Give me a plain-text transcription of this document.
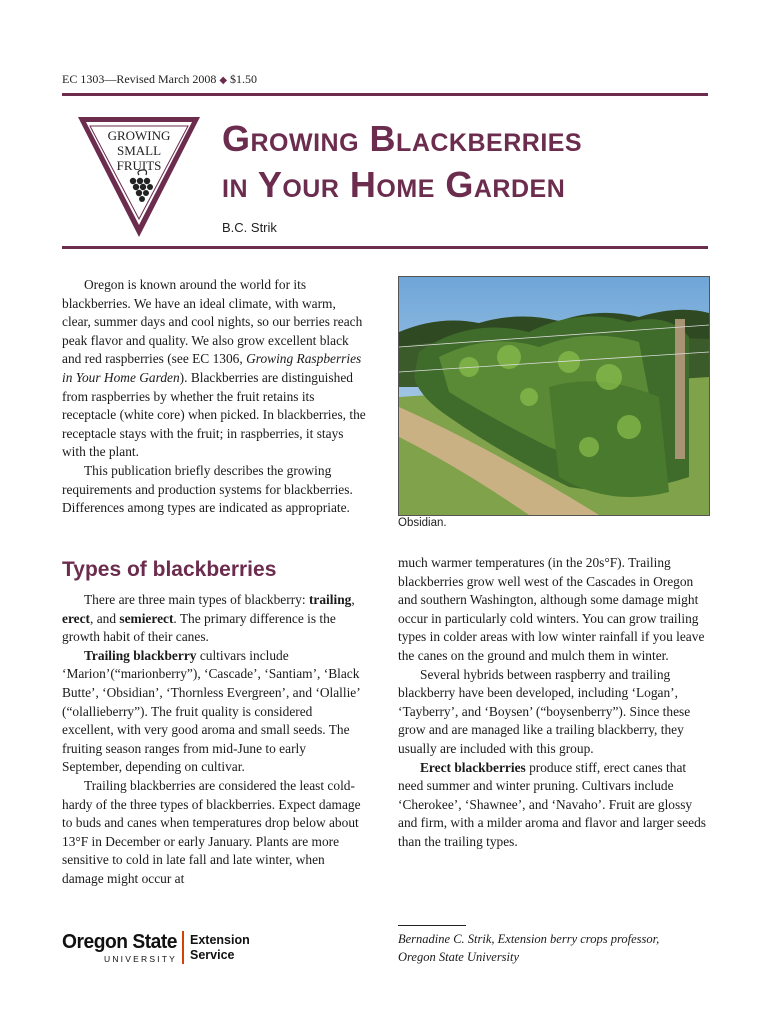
EC 1303—Revised March 2008 ◆ $1.50
GROWING
SMALL
FRUITS
Growing Blackberries
in Your Home Garden
B.C. Strik

Oregon is known around the world for its blackberries. We have an ideal climate, with warm, clear, summer days and cool nights, so our berries reach peak flavor and quality. We also grow excellent black and red raspberries (see EC 1306, Growing Raspberries in Your Home Garden). Blackberries are distinguished from raspberries by whether the fruit retains its receptacle (white core) when picked. In blackberries, the receptacle stays with the fruit; in raspberries, it stays with the plant.

This publication briefly describes the growing requirements and production systems for blackberries. Differences among types are indicated as appropriate.

Obsidian.
Types of blackberries

There are three main types of blackberry: trailing, erect, and semierect. The primary difference is the growth habit of their canes.

Trailing blackberry cultivars include ‘Marion’(“marionberry”), ‘Cascade’, ‘Santiam’, ‘Black Butte’, ‘Obsidian’, ‘Thornless Evergreen’, and ‘Olallie’ (“olallieberry”). The fruit quality is considered excellent, with very good aroma and small seeds. The fruiting season ranges from mid-June to early September, depending on cultivar.

Trailing blackberries are considered the least cold-hardy of the three types of blackberries. Expect damage to buds and canes when temperatures drop below about 13°F in December or early January. Plants are more sensitive to cold in late fall and late winter, when damage might occur at

much warmer temperatures (in the 20s°F). Trailing blackberries grow well west of the Cascades in Oregon and southern Washington, although some damage might occur in particularly cold winters. You can grow trailing types in colder areas with low winter rainfall if you leave the canes on the ground and mulch them in winter.

Several hybrids between raspberry and trailing blackberry have been developed, including ‘Logan’, ‘Tayberry’, and ‘Boysen’ (“boysenberry”). Since these grow and are managed like a trailing blackberry, they usually are included with this group.

Erect blackberries produce stiff, erect canes that need summer and winter pruning. Cultivars include ‘Cherokee’, ‘Shawnee’, and ‘Navaho’. Fruit are glossy and firm, with a milder aroma and flavor and larger seeds than the trailing types.

Bernadine C. Strik, Extension berry crops professor,
Oregon State University
Oregon State
UNIVERSITY
Extension
Service
